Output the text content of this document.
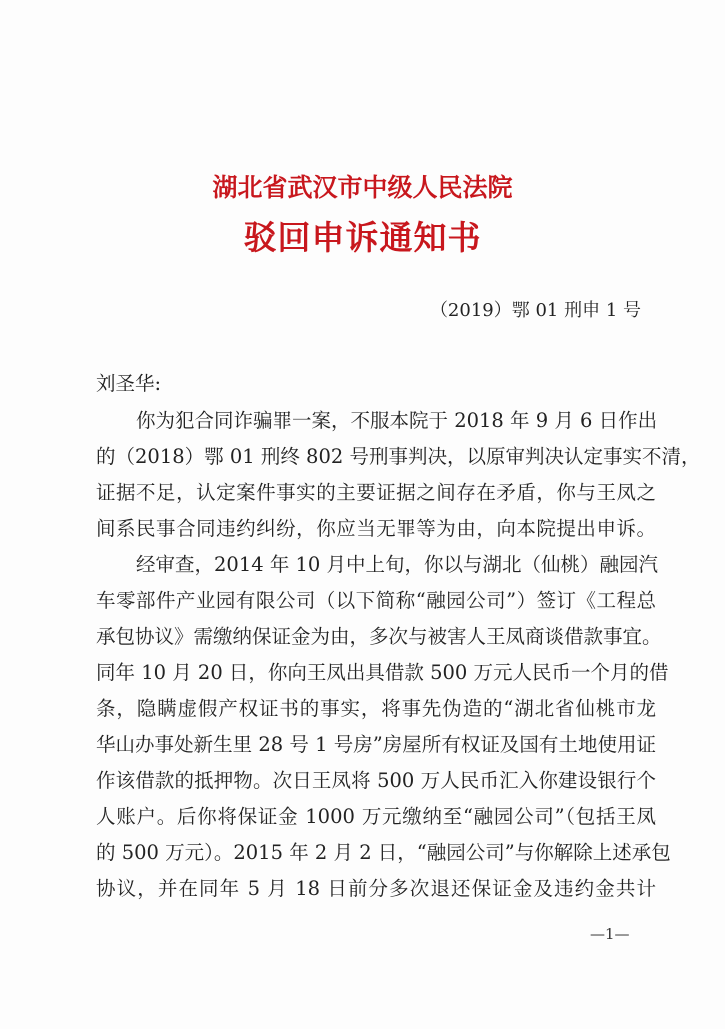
湖北省武汉市中级人民法院
驳回申诉通知书

（2019）鄂 01 刑申 1 号

刘圣华:

你为犯合同诈骗罪一案，不服本院于 2018 年 9 月 6 日作出

的（2018）鄂 01 刑终 802 号刑事判决，以原审判决认定事实不清，

证据不足，认定案件事实的主要证据之间存在矛盾，你与王凤之

间系民事合同违约纠纷，你应当无罪等为由，向本院提出申诉。

经审查，2014 年 10 月中上旬，你以与湖北（仙桃）融园汽

车零部件产业园有限公司（以下简称“融园公司”）签订《工程总

承包协议》需缴纳保证金为由，多次与被害人王凤商谈借款事宜。

同年 10 月 20 日，你向王凤出具借款 500 万元人民币一个月的借

条，隐瞒虚假产权证书的事实，将事先伪造的“湖北省仙桃市龙

华山办事处新生里 28 号 1 号房”房屋所有权证及国有土地使用证

作该借款的抵押物。次日王凤将 500 万人民币汇入你建设银行个

人账户。后你将保证金 1000 万元缴纳至“融园公司”（包括王凤

的 500 万元）。2015 年 2 月 2 日，“融园公司”与你解除上述承包

协议，并在同年 5 月 18 日前分多次退还保证金及违约金共计

—1—
